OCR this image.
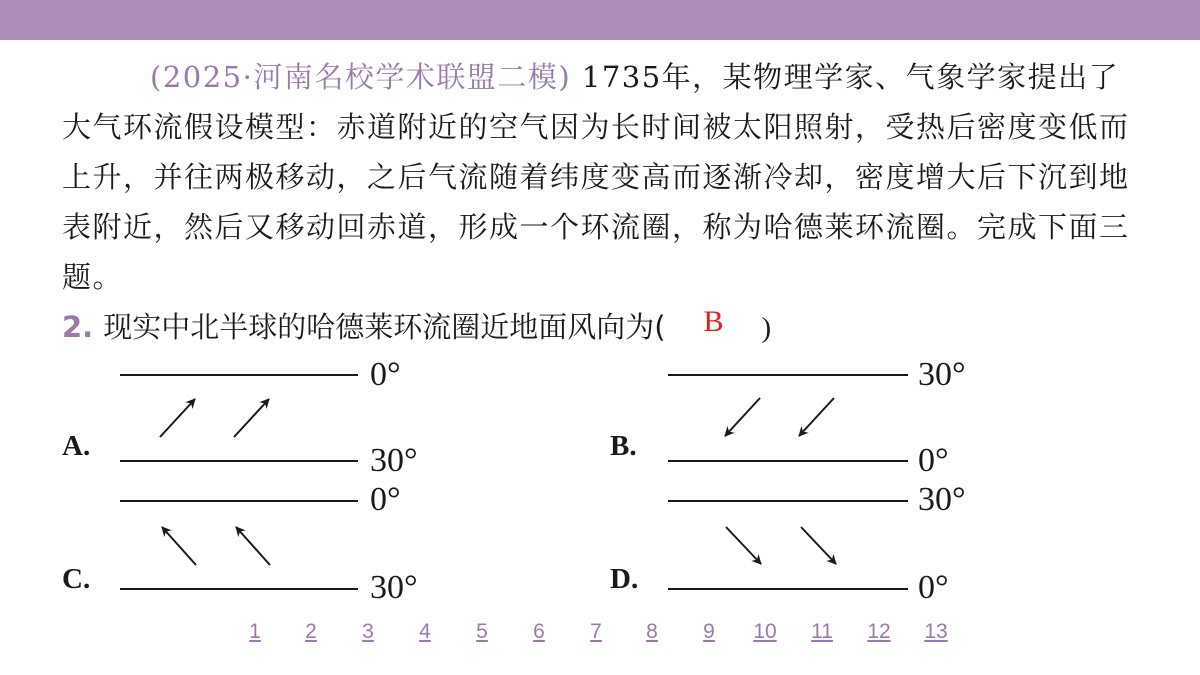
(2025·河南名校学术联盟二模) 1735年，某物理学家、气象学家提出了大气环流假设模型：赤道附近的空气因为长时间被太阳照射，受热后密度变低而上升，并往两极移动，之后气流随着纬度变高而逐渐冷却，密度增大后下沉到地表附近，然后又移动回赤道，形成一个环流圈，称为哈德莱环流圈。完成下面三题。
2. 现实中北半球的哈德莱环流圈近地面风向为( B )
A.
0°
30°	B.
30°
0°
C.
0°
30°	D.
30°
0°
1	2	3	4	5	6	7	8	9	10	11	12	13
